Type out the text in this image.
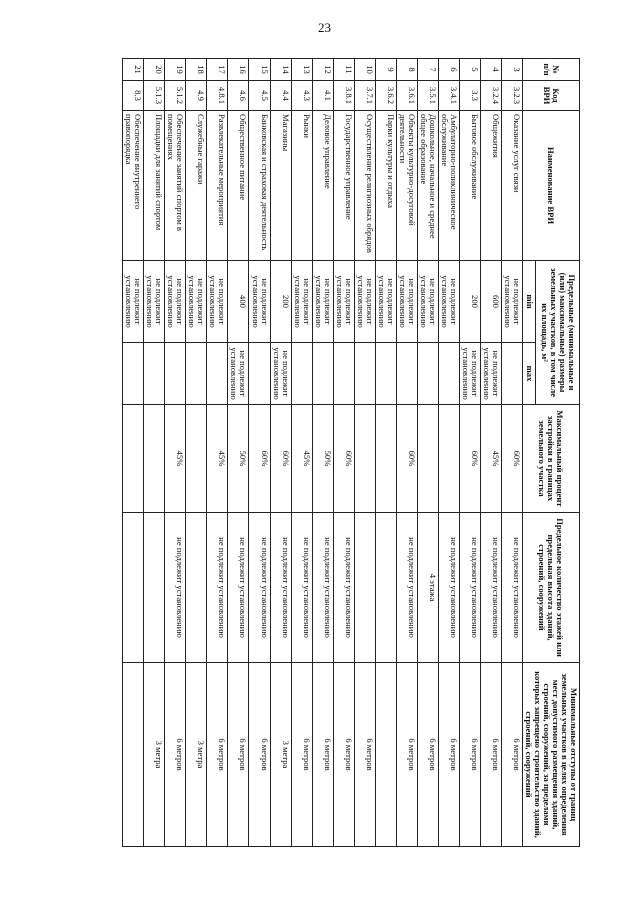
23
№ п/п	Код ВРИ	Наименование ВРИ	Предельные (минимальные и (или) максимальные) размеры земельных участков, в том числе их площадь, м²		Максимальный процент застройки в границах земельного участка	Предельное количество этажей или предельная высота зданий, строений, сооружений	Минимальные отступы от границ земельных участков в целях определения мест допустимого размещения зданий, строений, сооружений, за пределами которых запрещено строительство зданий, строений, сооружений
			min	max			
3	3.2.3	Оказание услуг связи	не подлежит установлению		60%	не подлежит установлению	6 метров
4	3.2.4	Общежития	600	не подлежит установлению	45%	не подлежит установлению	6 метров
5	3.3	Бытовое обслуживание	200	не подлежит установлению	60%	не подлежит установлению	6 метров
6	3.4.1	Амбулаторно-поликлиническое обслуживание	не подлежит установлению			не подлежит установлению	6 метров
7	3.5.1	Дошкольное, начальное и среднее общее образование	не подлежит установлению			4 этажа	6 метров
8	3.6.1	Объекты культурно-досуговой деятельности	не подлежит установлению		60%	не подлежит установлению	6 метров
9	3.6.2	Парки культуры и отдыха	не подлежит установлению				
10	3.7.1	Осуществление религиозных обрядов	не подлежит установлению				6 метров
11	3.8.1	Государственное управление	не подлежит установлению		60%	не подлежит установлению	6 метров
12	4.1	Деловое управление	не подлежит установлению		50%	не подлежит установлению	6 метров
13	4.3	Рынки	не подлежит установлению		45%	не подлежит установлению	6 метров
14	4.4	Магазины	200	не подлежит установлению	60%	не подлежит установлению	3 метра
15	4.5	Банковская и страховая деятельность	не подлежит установлению		60%	не подлежит установлению	6 метров
16	4.6	Общественное питание	400	не подлежит установлению	50%	не подлежит установлению	6 метров
17	4.8.1	Развлекательные мероприятия	не подлежит установлению		45%	не подлежит установлению	6 метров
18	4.9	Служебные гаражи	не подлежит установлению				3 метра
19	5.1.2	Обеспечение занятий спортом в помещениях	не подлежит установлению		45%	не подлежит установлению	6 метров
20	5.1.3	Площадки для занятий спортом	не подлежит установлению				3 метра
21	8.3	Обеспечение внутреннего правопорядка	не подлежит установлению				
